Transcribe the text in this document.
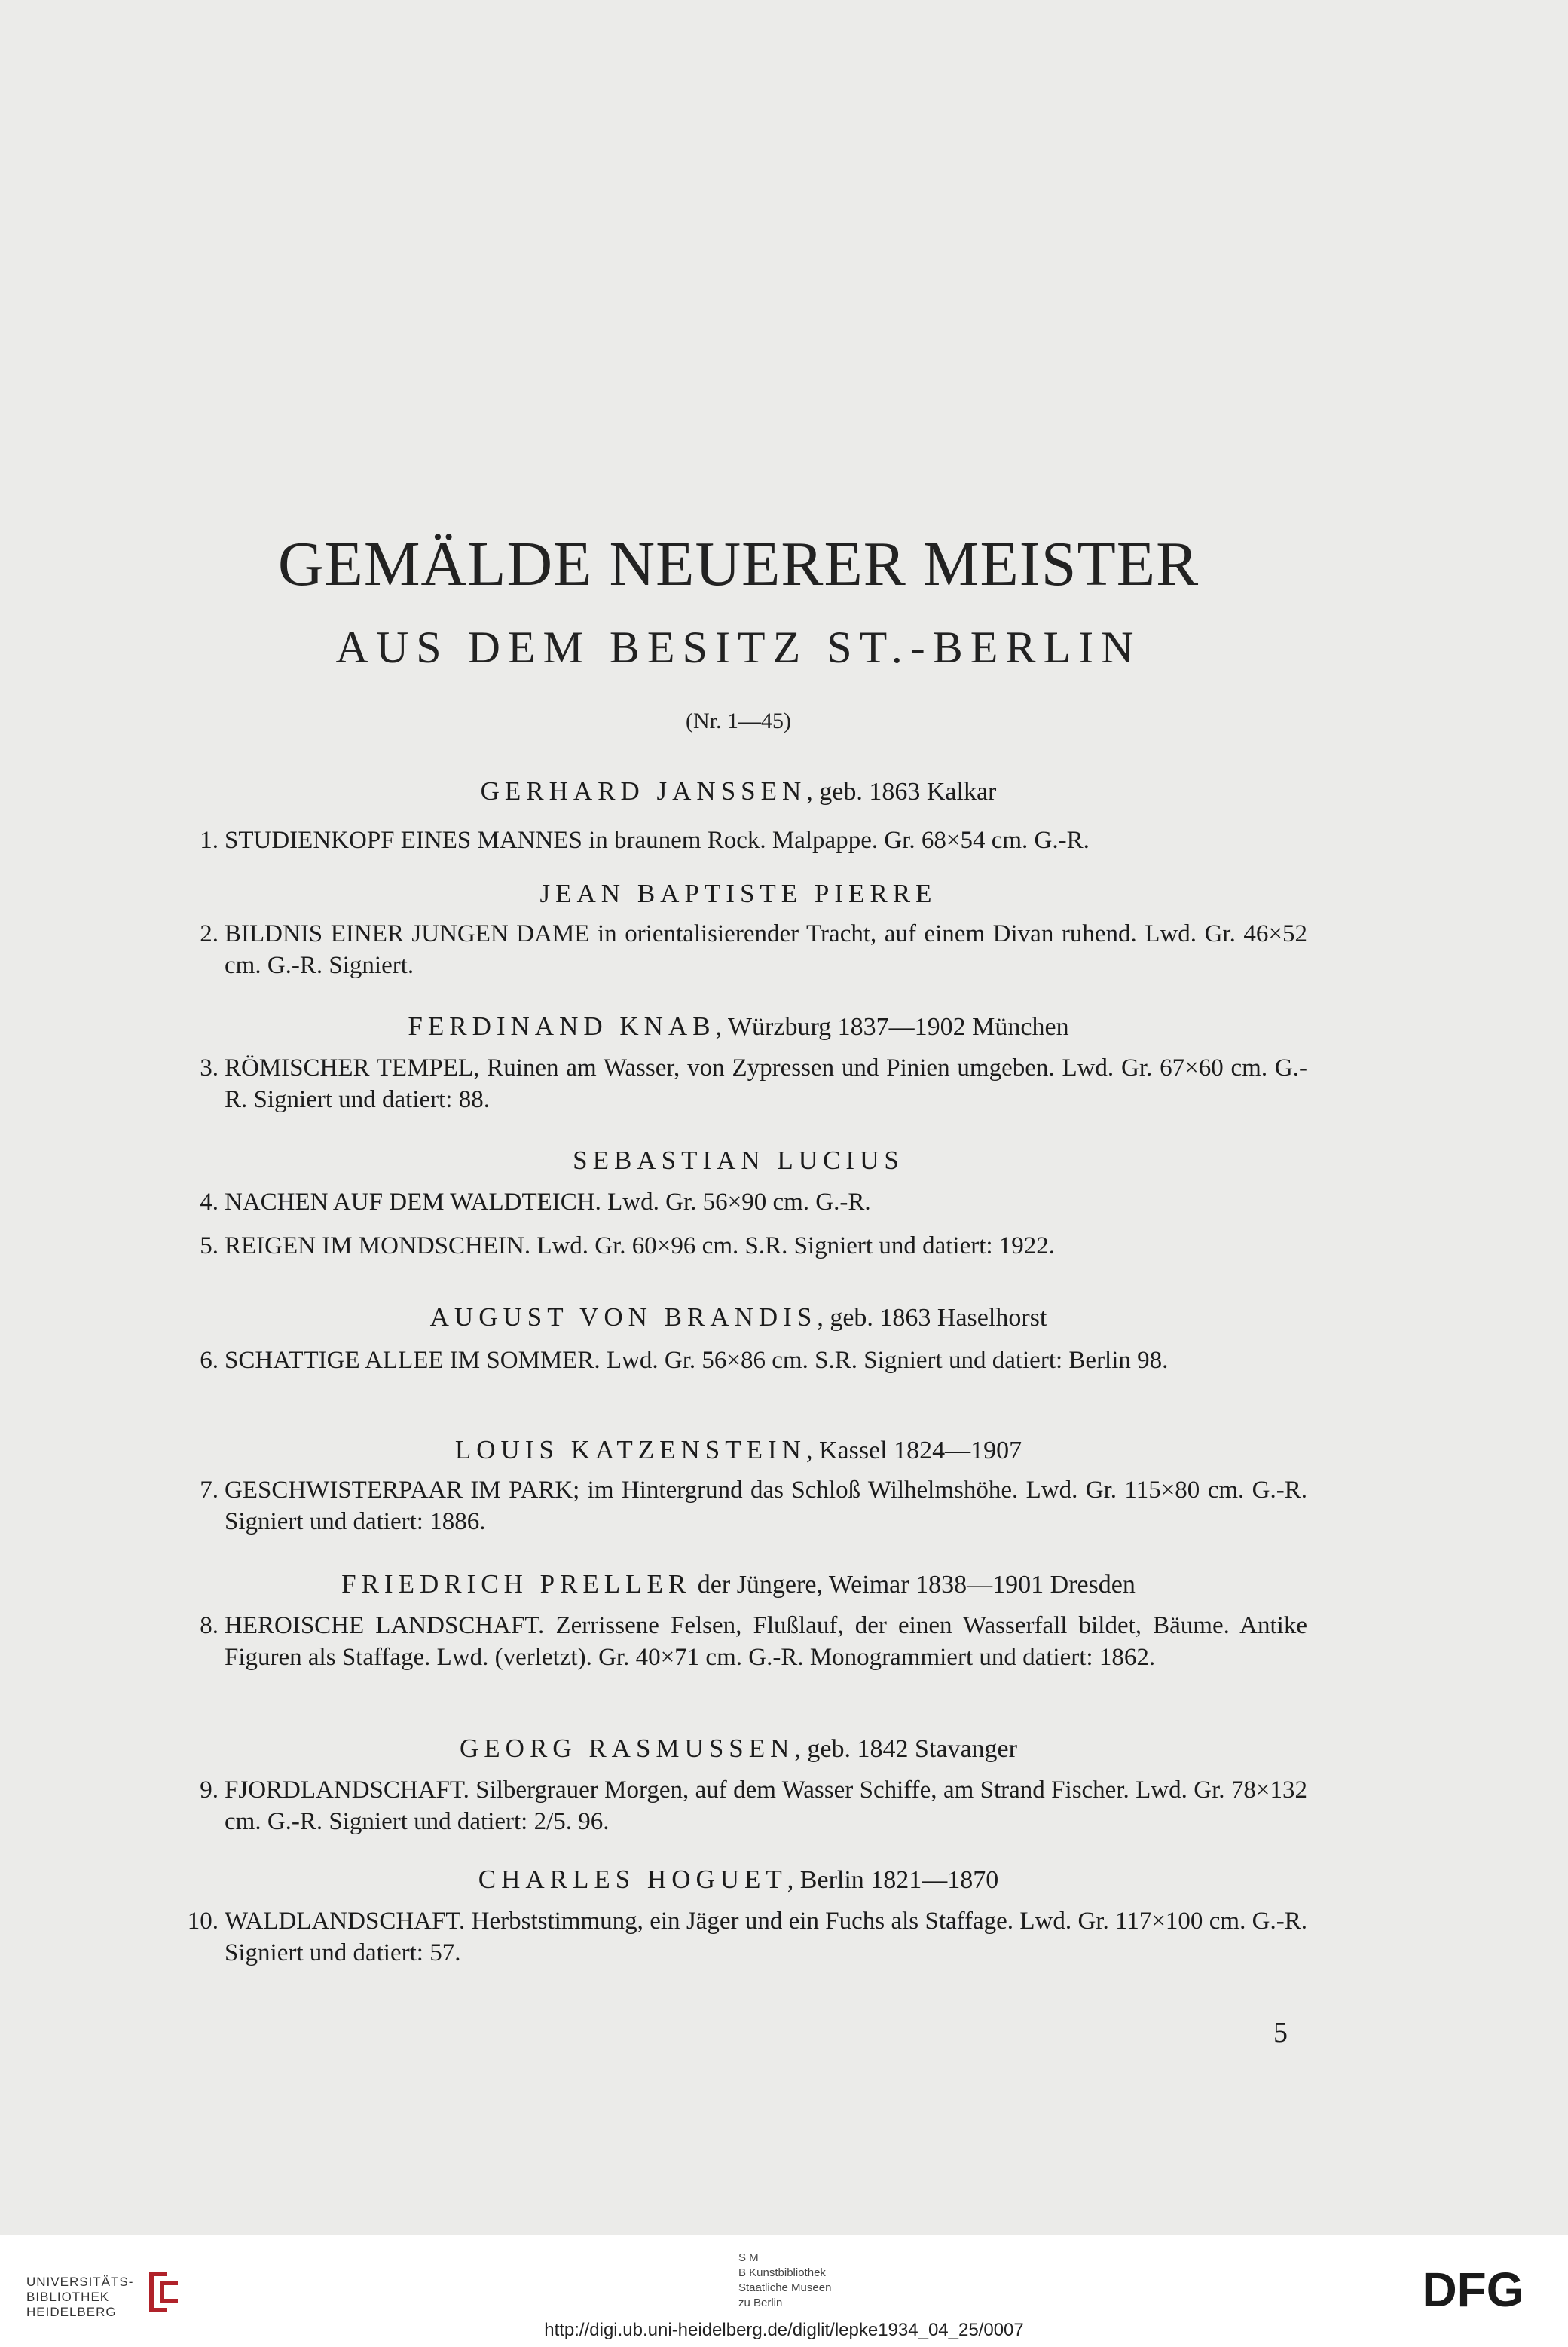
GEMÄLDE NEUERER MEISTER
AUS DEM BESITZ ST.-BERLIN
(Nr. 1—45)
GERHARD JANSSEN, geb. 1863 Kalkar
1. STUDIENKOPF EINES MANNES in braunem Rock. Malpappe. Gr. 68×54 cm. G.-R.
JEAN BAPTISTE PIERRE
2. BILDNIS EINER JUNGEN DAME in orientalisierender Tracht, auf einem Divan ruhend. Lwd. Gr. 46×52 cm. G.-R. Signiert.
FERDINAND KNAB, Würzburg 1837—1902 München
3. RÖMISCHER TEMPEL, Ruinen am Wasser, von Zypressen und Pinien umgeben. Lwd. Gr. 67×60 cm. G.-R. Signiert und datiert: 88.
SEBASTIAN LUCIUS
4. NACHEN AUF DEM WALDTEICH. Lwd. Gr. 56×90 cm. G.-R.
5. REIGEN IM MONDSCHEIN. Lwd. Gr. 60×96 cm. S.R. Signiert und datiert: 1922.
AUGUST VON BRANDIS, geb. 1863 Haselhorst
6. SCHATTIGE ALLEE IM SOMMER. Lwd. Gr. 56×86 cm. S.R. Signiert und datiert: Berlin 98.
LOUIS KATZENSTEIN, Kassel 1824—1907
7. GESCHWISTERPAAR IM PARK; im Hintergrund das Schloß Wilhelmshöhe. Lwd. Gr. 115×80 cm. G.-R. Signiert und datiert: 1886.
FRIEDRICH PRELLER der Jüngere, Weimar 1838—1901 Dresden
8. HEROISCHE LANDSCHAFT. Zerrissene Felsen, Flußlauf, der einen Wasserfall bildet, Bäume. Antike Figuren als Staffage. Lwd. (verletzt). Gr. 40×71 cm. G.-R. Monogrammiert und datiert: 1862.
GEORG RASMUSSEN, geb. 1842 Stavanger
9. FJORDLANDSCHAFT. Silbergrauer Morgen, auf dem Wasser Schiffe, am Strand Fischer. Lwd. Gr. 78×132 cm. G.-R. Signiert und datiert: 2/5. 96.
CHARLES HOGUET, Berlin 1821—1870
10. WALDLANDSCHAFT. Herbststimmung, ein Jäger und ein Fuchs als Staffage. Lwd. Gr. 117×100 cm. G.-R. Signiert und datiert: 57.
5
UNIVERSITÄTS-
BIBLIOTHEK
HEIDELBERG
S M
B Kunstbibliothek
Staatliche Museen
zu Berlin	DFG
http://digi.ub.uni-heidelberg.de/diglit/lepke1934_04_25/0007
